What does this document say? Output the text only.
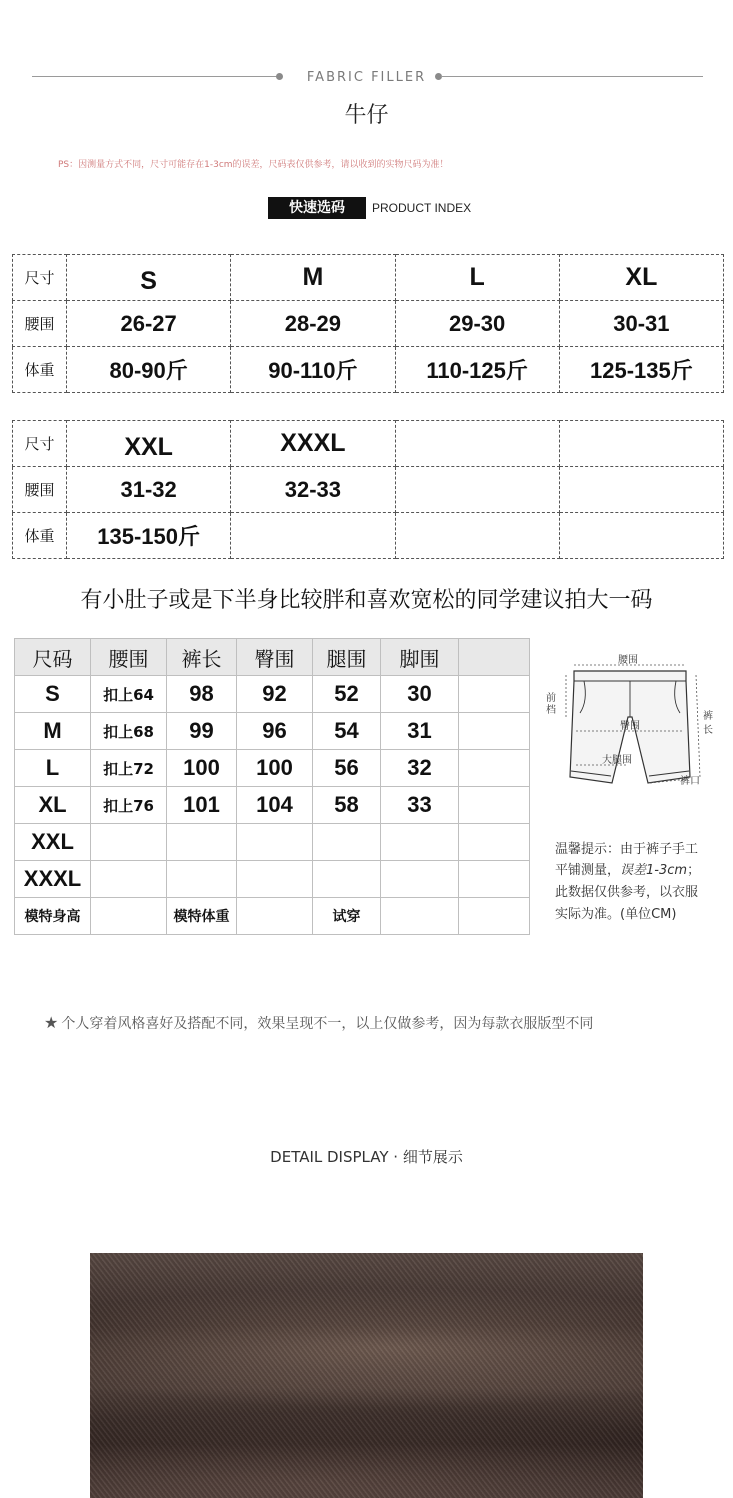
FABRIC FILLER
牛仔
PS：因测量方式不同，尺寸可能存在1-3cm的误差，尺码表仅供参考，请以收到的实物尺码为准！
快速选码	PRODUCT INDEX
尺寸	S	M	L	XL
腰围	26-27	28-29	29-30	30-31
体重	80-90斤	90-110斤	110-125斤	125-135斤
尺寸	XXL	XXXL		
腰围	31-32	32-33		
体重	135-150斤			
有小肚子或是下半身比较胖和喜欢宽松的同学建议拍大一码
尺码	腰围	裤长	臀围	腿围	脚围	
S	扣上64	98	92	52	30	
M	扣上68	99	96	54	31	
L	扣上72	100	100	56	32	
XL	扣上76	101	104	58	33	
XXL						
XXXL						
模特身高		模特体重		试穿		
腰围
前
档
裤
长
臀围
大腿围
裤口
温馨提示：由于裤子手工
平铺测量，误差1-3cm；
此数据仅供参考，以衣服
实际为准。(单位CM)
★ 个人穿着风格喜好及搭配不同，效果呈现不一，以上仅做参考，因为每款衣服版型不同
DETAIL DISPLAY · 细节展示
